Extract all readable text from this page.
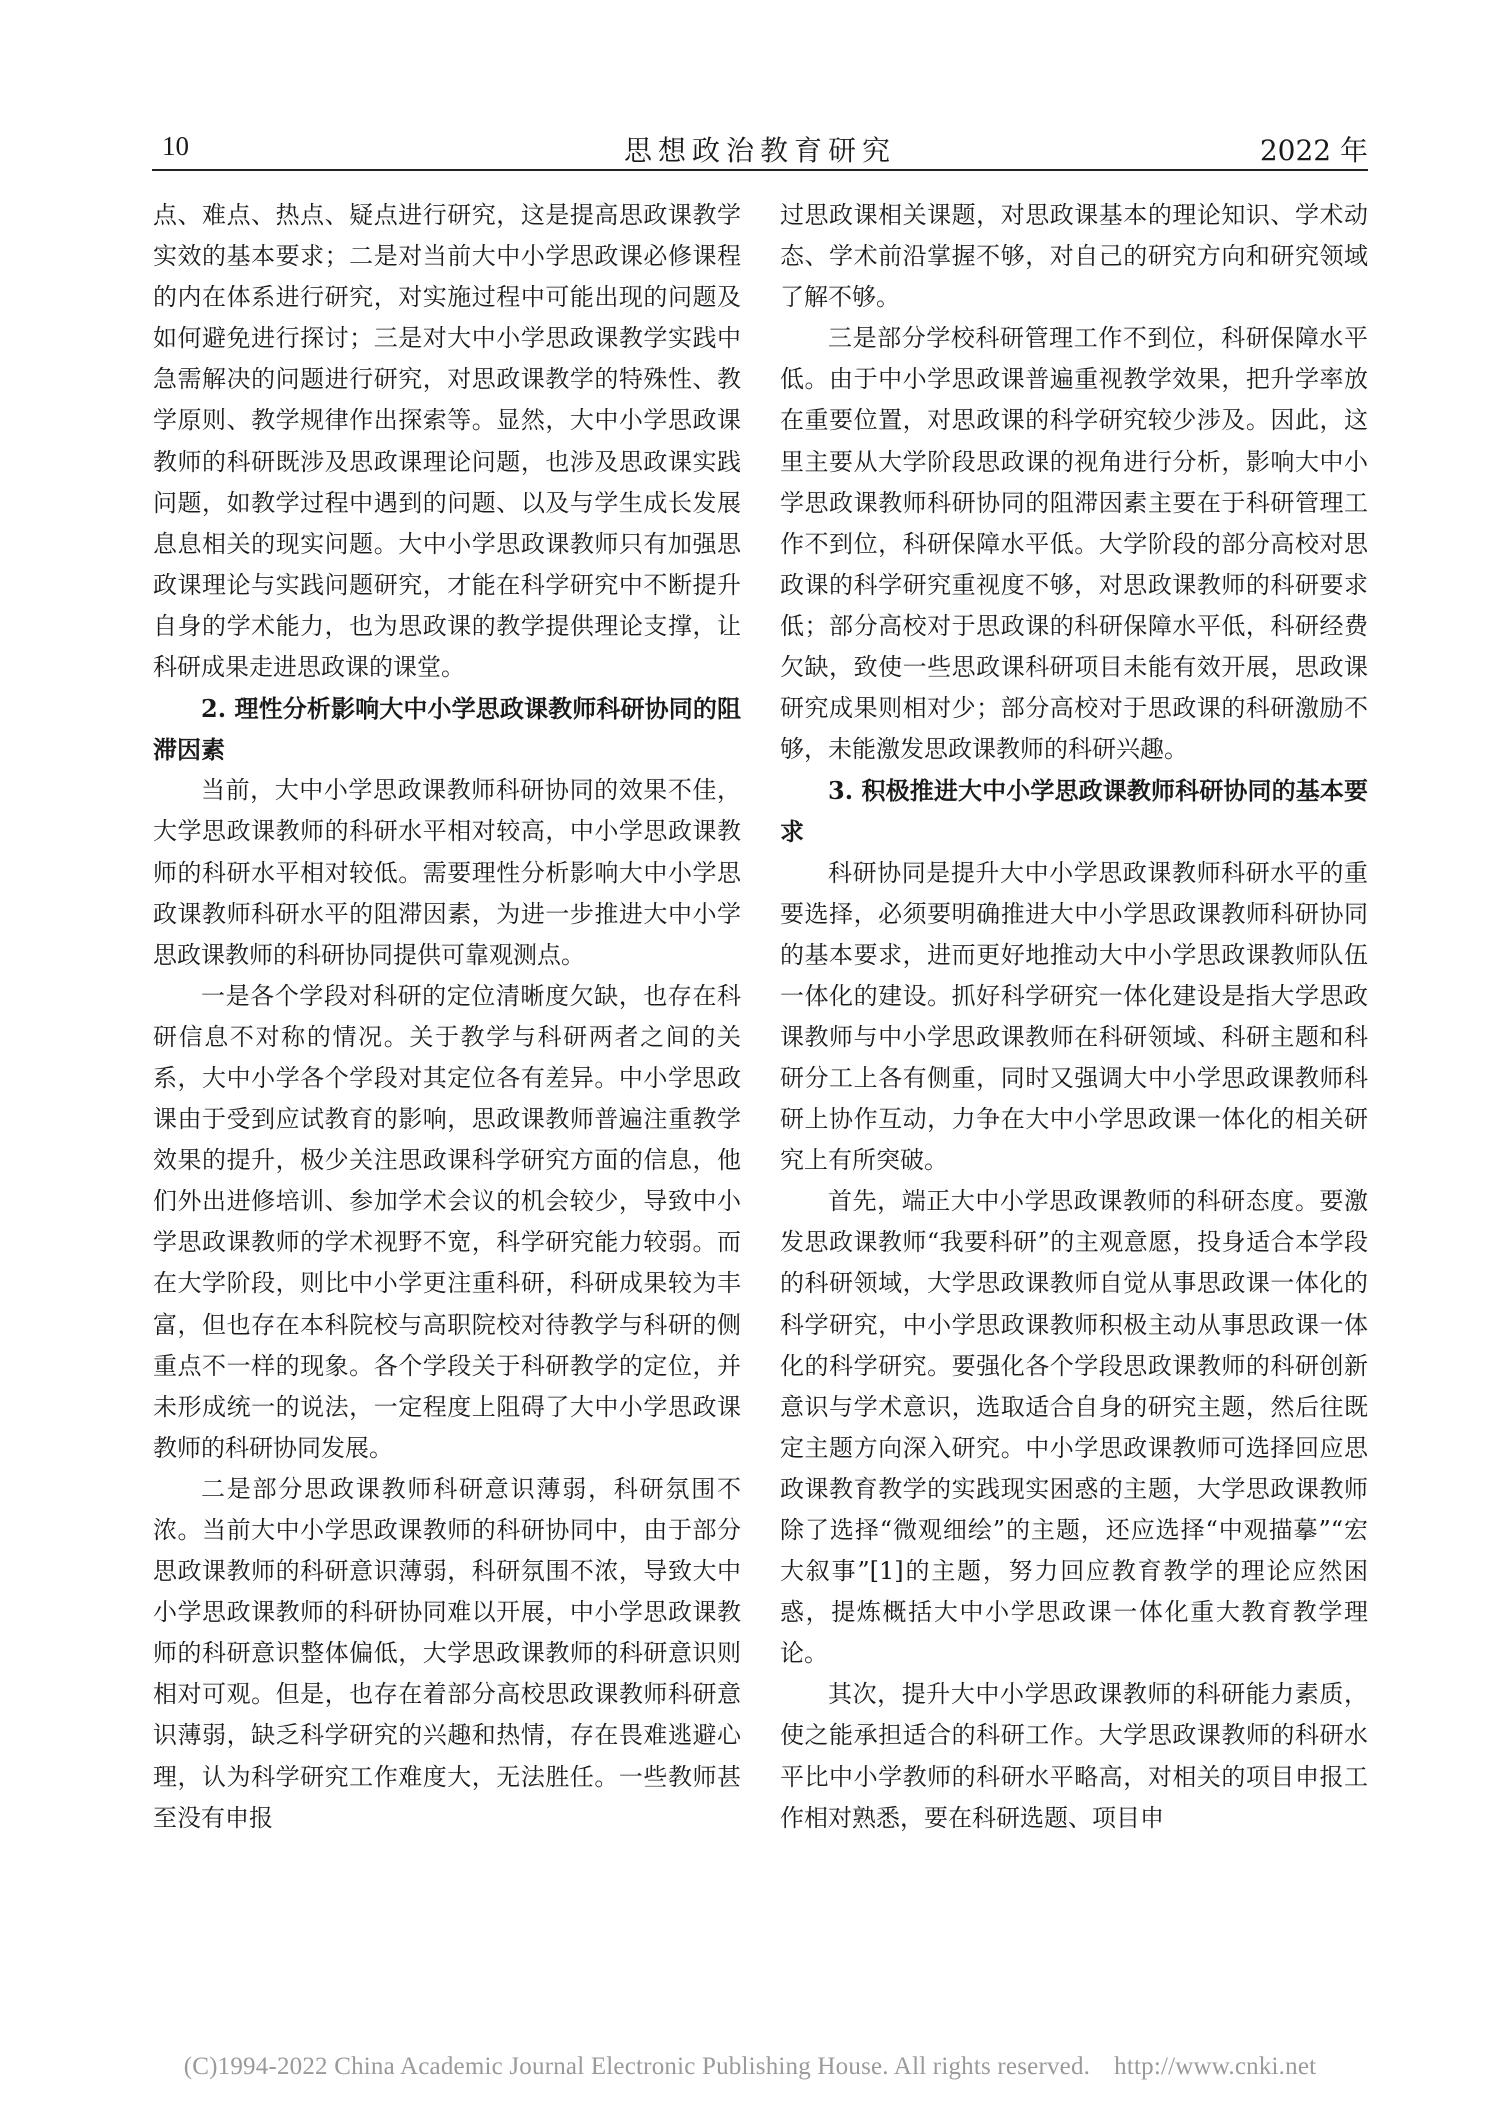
10	思想政治教育研究	2022 年

点、难点、热点、疑点进行研究，这是提高思政课教学实效的基本要求；二是对当前大中小学思政课必修课程的内在体系进行研究，对实施过程中可能出现的问题及如何避免进行探讨；三是对大中小学思政课教学实践中急需解决的问题进行研究，对思政课教学的特殊性、教学原则、教学规律作出探索等。显然，大中小学思政课教师的科研既涉及思政课理论问题，也涉及思政课实践问题，如教学过程中遇到的问题、以及与学生成长发展息息相关的现实问题。大中小学思政课教师只有加强思政课理论与实践问题研究，才能在科学研究中不断提升自身的学术能力，也为思政课的教学提供理论支撑，让科研成果走进思政课的课堂。

2. 理性分析影响大中小学思政课教师科研协同的阻滞因素

当前，大中小学思政课教师科研协同的效果不佳，大学思政课教师的科研水平相对较高，中小学思政课教师的科研水平相对较低。需要理性分析影响大中小学思政课教师科研水平的阻滞因素，为进一步推进大中小学思政课教师的科研协同提供可靠观测点。

一是各个学段对科研的定位清晰度欠缺，也存在科研信息不对称的情况。关于教学与科研两者之间的关系，大中小学各个学段对其定位各有差异。中小学思政课由于受到应试教育的影响，思政课教师普遍注重教学效果的提升，极少关注思政课科学研究方面的信息，他们外出进修培训、参加学术会议的机会较少，导致中小学思政课教师的学术视野不宽，科学研究能力较弱。而在大学阶段，则比中小学更注重科研，科研成果较为丰富，但也存在本科院校与高职院校对待教学与科研的侧重点不一样的现象。各个学段关于科研教学的定位，并未形成统一的说法，一定程度上阻碍了大中小学思政课教师的科研协同发展。

二是部分思政课教师科研意识薄弱，科研氛围不浓。当前大中小学思政课教师的科研协同中，由于部分思政课教师的科研意识薄弱，科研氛围不浓，导致大中小学思政课教师的科研协同难以开展，中小学思政课教师的科研意识整体偏低，大学思政课教师的科研意识则相对可观。但是，也存在着部分高校思政课教师科研意识薄弱，缺乏科学研究的兴趣和热情，存在畏难逃避心理，认为科学研究工作难度大，无法胜任。一些教师甚至没有申报

过思政课相关课题，对思政课基本的理论知识、学术动态、学术前沿掌握不够，对自己的研究方向和研究领域了解不够。

三是部分学校科研管理工作不到位，科研保障水平低。由于中小学思政课普遍重视教学效果，把升学率放在重要位置，对思政课的科学研究较少涉及。因此，这里主要从大学阶段思政课的视角进行分析，影响大中小学思政课教师科研协同的阻滞因素主要在于科研管理工作不到位，科研保障水平低。大学阶段的部分高校对思政课的科学研究重视度不够，对思政课教师的科研要求低；部分高校对于思政课的科研保障水平低，科研经费欠缺，致使一些思政课科研项目未能有效开展，思政课研究成果则相对少；部分高校对于思政课的科研激励不够，未能激发思政课教师的科研兴趣。

3. 积极推进大中小学思政课教师科研协同的基本要求

科研协同是提升大中小学思政课教师科研水平的重要选择，必须要明确推进大中小学思政课教师科研协同的基本要求，进而更好地推动大中小学思政课教师队伍一体化的建设。抓好科学研究一体化建设是指大学思政课教师与中小学思政课教师在科研领域、科研主题和科研分工上各有侧重，同时又强调大中小学思政课教师科研上协作互动，力争在大中小学思政课一体化的相关研究上有所突破。

首先，端正大中小学思政课教师的科研态度。要激发思政课教师“我要科研”的主观意愿，投身适合本学段的科研领域，大学思政课教师自觉从事思政课一体化的科学研究，中小学思政课教师积极主动从事思政课一体化的科学研究。要强化各个学段思政课教师的科研创新意识与学术意识，选取适合自身的研究主题，然后往既定主题方向深入研究。中小学思政课教师可选择回应思政课教育教学的实践现实困惑的主题，大学思政课教师除了选择“微观细绘”的主题，还应选择“中观描摹”“宏大叙事”[1]的主题，努力回应教育教学的理论应然困惑，提炼概括大中小学思政课一体化重大教育教学理论。

其次，提升大中小学思政课教师的科研能力素质，使之能承担适合的科研工作。大学思政课教师的科研水平比中小学教师的科研水平略高，对相关的项目申报工作相对熟悉，要在科研选题、项目申

(C)1994-2022 China Academic Journal Electronic Publishing House. All rights reserved. http://www.cnki.net
